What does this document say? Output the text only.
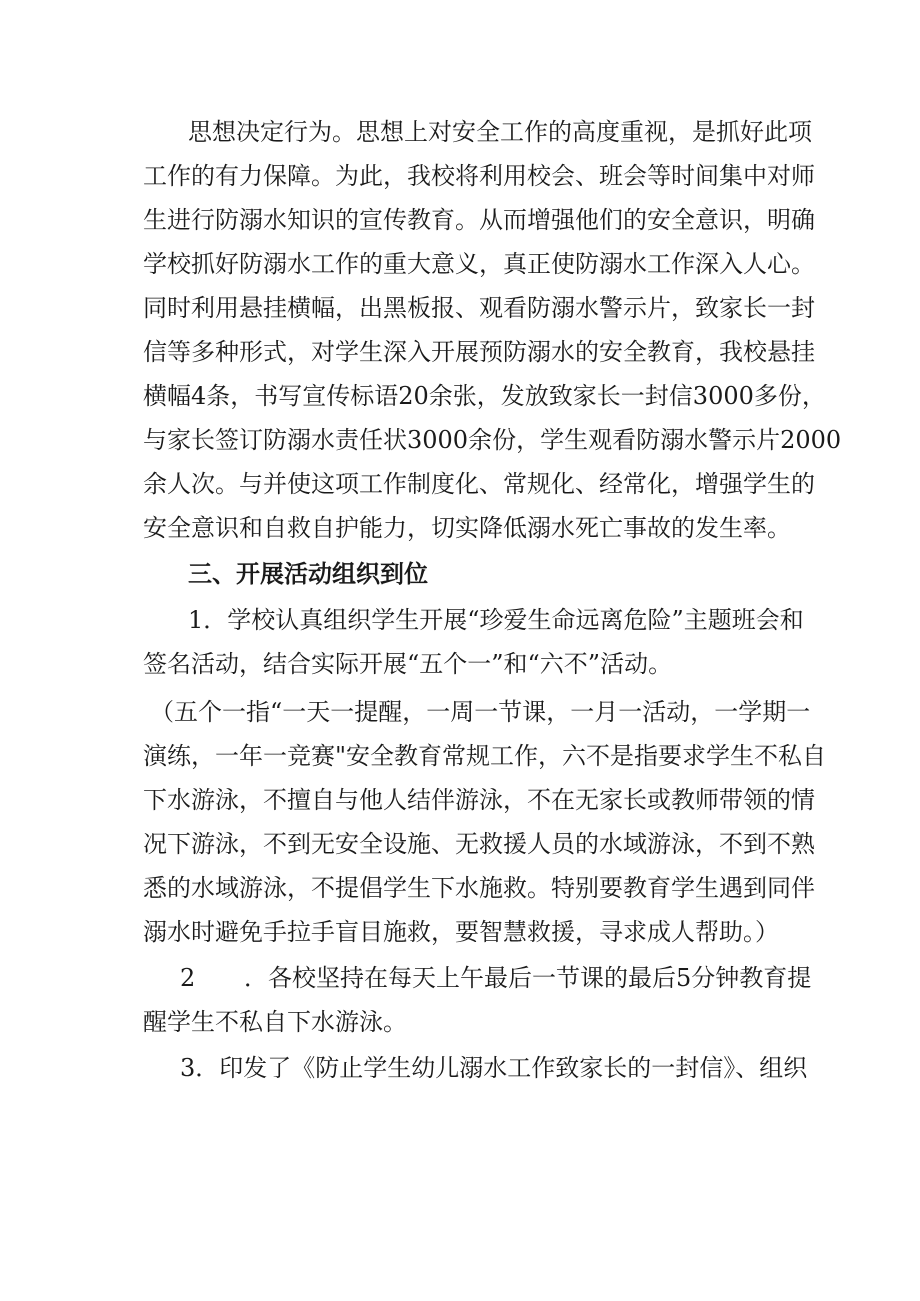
思想决定行为。思想上对安全工作的高度重视，是抓好此项
工作的有力保障。为此，我校将利用校会、班会等时间集中对师
生进行防溺水知识的宣传教育。从而增强他们的安全意识，明确
学校抓好防溺水工作的重大意义，真正使防溺水工作深入人心。
同时利用悬挂横幅，出黑板报、观看防溺水警示片，致家长一封
信等多种形式，对学生深入开展预防溺水的安全教育，我校悬挂
横幅4条，书写宣传标语20余张，发放致家长一封信3000多份，
与家长签订防溺水责任状3000余份，学生观看防溺水警示片2000
余人次。与并使这项工作制度化、常规化、经常化，增强学生的
安全意识和自救自护能力，切实降低溺水死亡事故的发生率。
三、开展活动组织到位
1．学校认真组织学生开展“珍爱生命远离危险”主题班会和
签名活动，结合实际开展“五个一”和“六不”活动。
（五个一指“一天一提醒，一周一节课，一月一活动，一学期一
演练，一年一竞赛"安全教育常规工作，六不是指要求学生不私自
下水游泳，不擅自与他人结伴游泳，不在无家长或教师带领的情
况下游泳，不到无安全设施、无救援人员的水域游泳，不到不熟
悉的水域游泳，不提倡学生下水施救。特别要教育学生遇到同伴
溺水时避免手拉手盲目施救，要智慧救援，寻求成人帮助。）
2 ．各校坚持在每天上午最后一节课的最后5分钟教育提
醒学生不私自下水游泳。
3．印发了《防止学生幼儿溺水工作致家长的一封信》、组织
